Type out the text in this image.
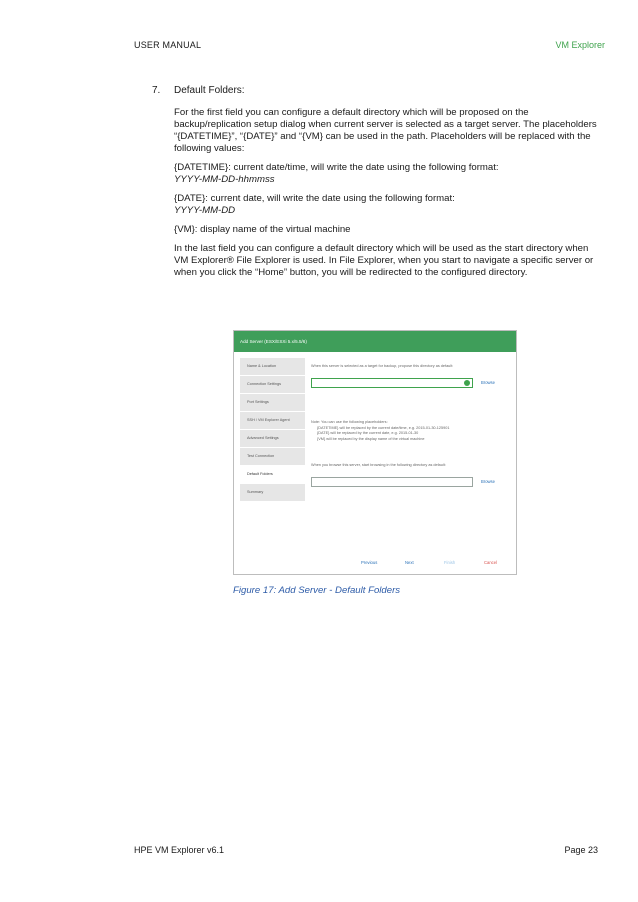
USER MANUAL	VM Explorer
7. Default Folders:

For the first field you can configure a default directory which will be proposed on the backup/replication setup dialog when current server is selected as a target server. The placeholders “{DATETIME}”, “{DATE}” and “{VM} can be used in the path. Placeholders will be replaced with the following values:

{DATETIME}: current date/time, will write the date using the following format:
YYYY-MM-DD-hhmmss

{DATE}: current date, will write the date using the following format:
YYYY-MM-DD

{VM}: display name of the virtual machine

In the last field you can configure a default directory which will be used as the start directory when VM Explorer® File Explorer is used. In File Explorer, when you start to navigate a specific server or when you click the “Home” button, you will be redirected to the configured directory.

Add Server (ESX/ESXi 5.x/5.5/6)
Name & Location
Connection Settings
Port Settings
SSH / VM Explorer Agent
Advanced Settings
Test Connection
Default Folders
Summary
When this server is selected as a target for backup, propose this directory as default:
Browse
Note: You can use the following placeholders:
{DATETIME} will be replaced by the current date/time, e.g. 2015-01-30-125901
{DATE} will be replaced by the current date, e.g. 2015-01-30
{VM} will be replaced by the display name of the virtual machine
When you browse this server, start browsing in the following directory as default:
Browse
Previous	Next	Finish	Cancel
Figure 17: Add Server - Default Folders
HPE VM Explorer v6.1	Page 23
